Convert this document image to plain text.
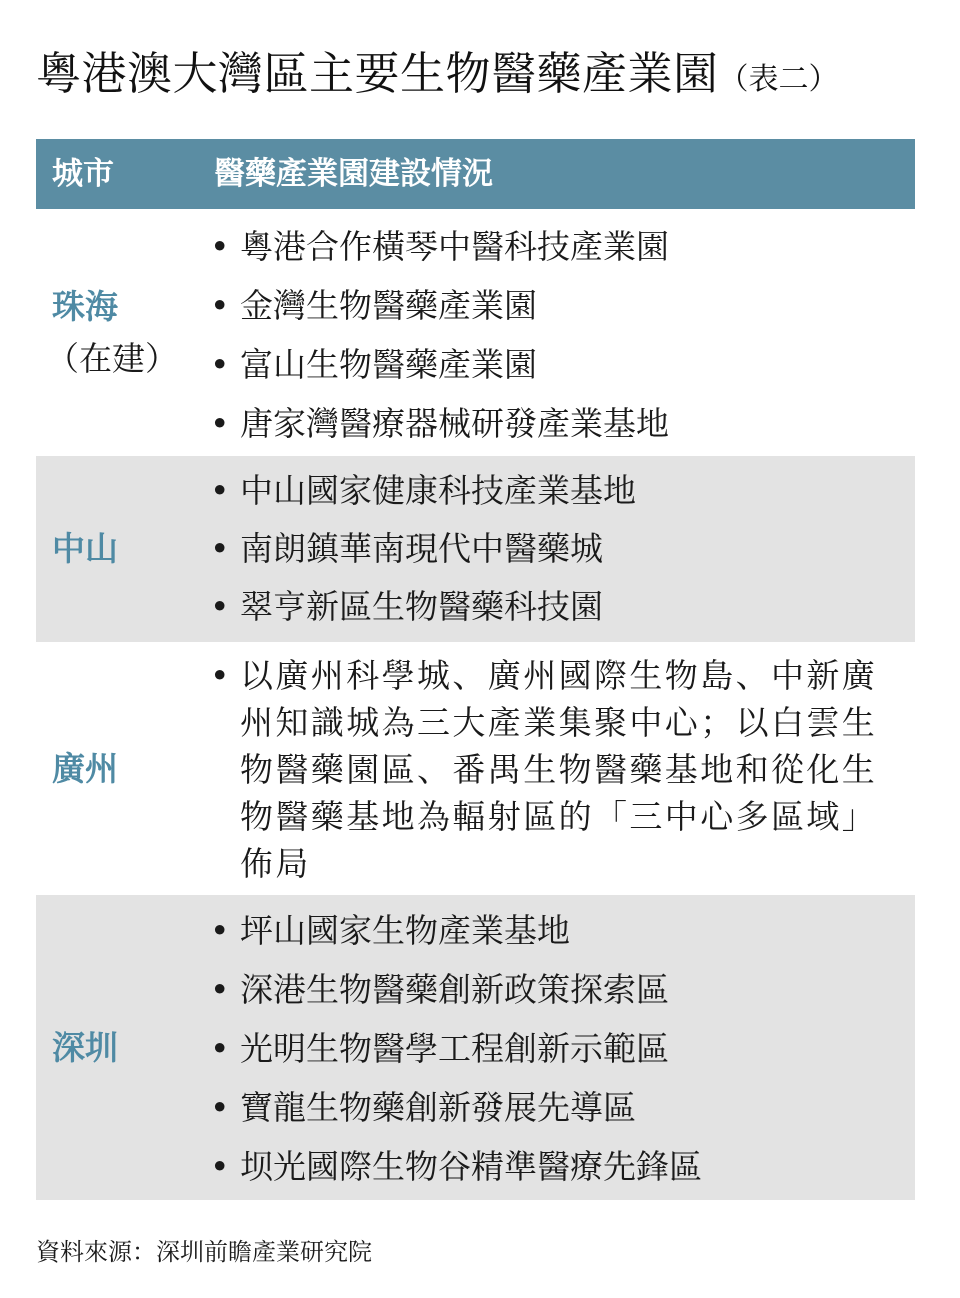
粵港澳大灣區主要生物醫藥產業園（表二）
城市	醫藥產業園建設情況
珠海
（在建）
• 粵港合作橫琴中醫科技產業園
• 金灣生物醫藥產業園
• 富山生物醫藥產業園
• 唐家灣醫療器械研發產業基地
中山
• 中山國家健康科技產業基地
• 南朗鎮華南現代中醫藥城
• 翠亨新區生物醫藥科技園
廣州
• 以廣州科學城、廣州國際生物島、中新廣州知識城為三大產業集聚中心；以白雲生物醫藥園區、番禺生物醫藥基地和從化生物醫藥基地為輻射區的「三中心多區域」佈局
深圳
• 坪山國家生物產業基地
• 深港生物醫藥創新政策探索區
• 光明生物醫學工程創新示範區
• 寶龍生物藥創新發展先導區
• 坝光國際生物谷精準醫療先鋒區
資料來源：深圳前瞻產業研究院
